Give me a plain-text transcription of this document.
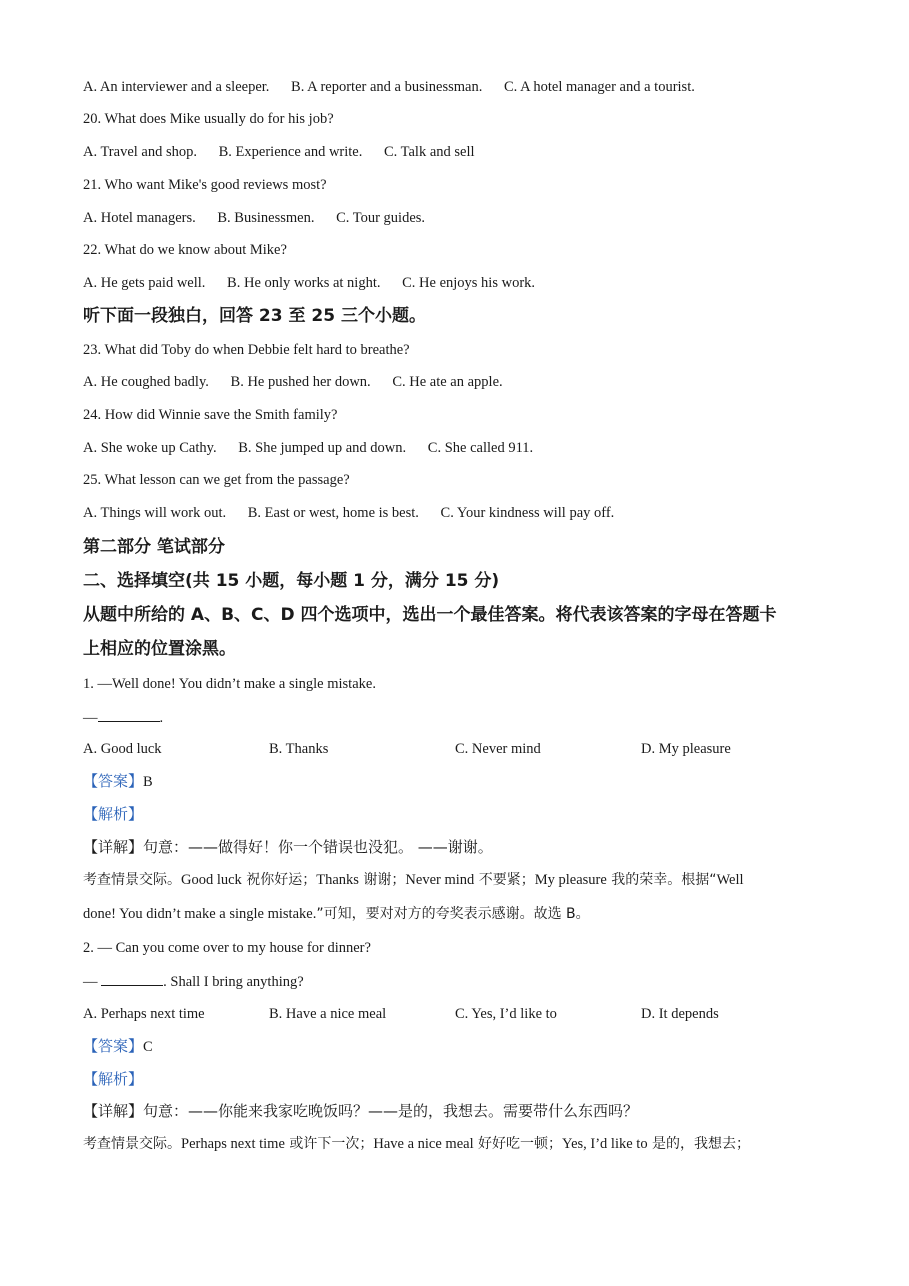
A. An interviewer and a sleeper. B. A reporter and a businessman. C. A hotel manager and a tourist.
20. What does Mike usually do for his job?
A. Travel and shop. B. Experience and write. C. Talk and sell
21. Who want Mike's good reviews most?
A. Hotel managers. B. Businessmen. C. Tour guides.
22. What do we know about Mike?
A. He gets paid well. B. He only works at night. C. He enjoys his work.
听下面一段独白，回答 23 至 25 三个小题。
23. What did Toby do when Debbie felt hard to breathe?
A. He coughed badly. B. He pushed her down. C. He ate an apple.
24. How did Winnie save the Smith family?
A. She woke up Cathy. B. She jumped up and down. C. She called 911.
25. What lesson can we get from the passage?
A. Things will work out. B. East or west, home is best. C. Your kindness will pay off.
第二部分 笔试部分
二、选择填空(共 15 小题，每小题 1 分，满分 15 分)
从题中所给的 A、B、C、D 四个选项中，选出一个最佳答案。将代表该答案的字母在答题卡
上相应的位置涂黑。
1. —Well done! You didn’t make a single mistake.
—	.
A. Good luck	B. Thanks	C. Never mind	D. My pleasure
【答案】B
【解析】
【详解】句意：——做得好！你一个错误也没犯。 ——谢谢。
考查情景交际。Good luck 祝你好运；Thanks 谢谢；Never mind 不要紧；My pleasure 我的荣幸。根据“Well
done! You didn’t make a single mistake.”可知，要对对方的夸奖表示感谢。故选 B。
2. — Can you come over to my house for dinner?
—	. Shall I bring anything?
A. Perhaps next time	B. Have a nice meal	C. Yes, I’d like to	D. It depends
【答案】C
【解析】
【详解】句意：——你能来我家吃晚饭吗？——是的，我想去。需要带什么东西吗？
考查情景交际。Perhaps next time 或许下一次；Have a nice meal 好好吃一顿；Yes, I’d like to 是的，我想去；
